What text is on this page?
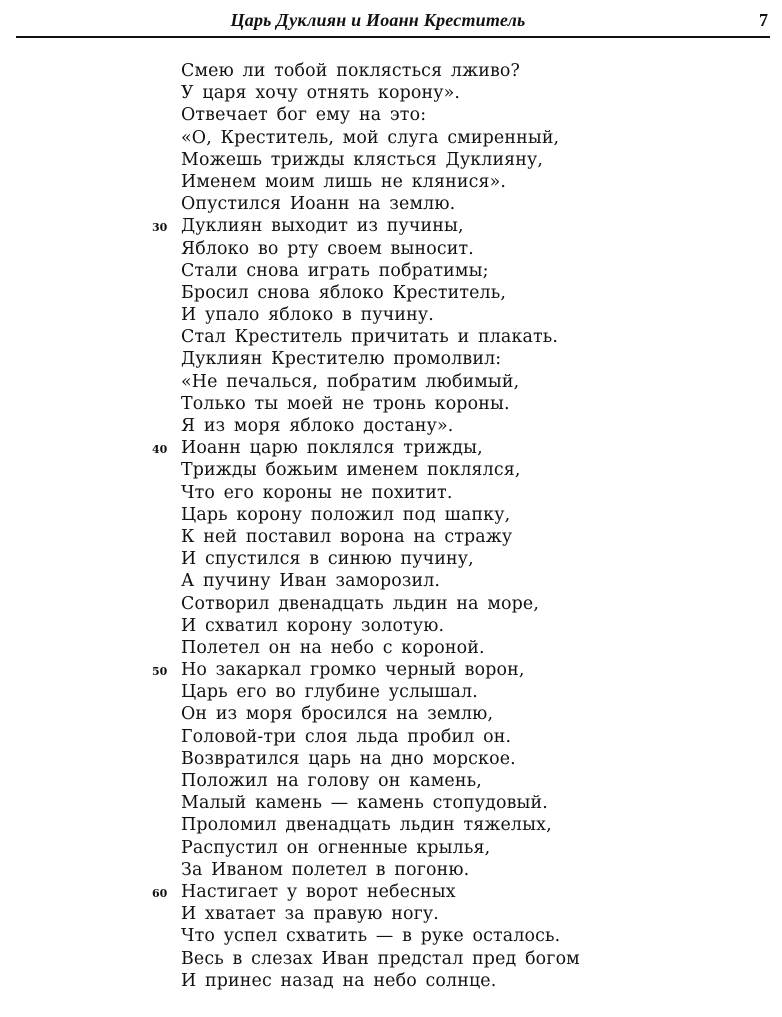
Царь Дуклиян и Иоанн Креститель	7
Смею ли тобой поклясться лживо?
У царя хочу отнять корону».
Отвечает бог ему на это:
«О, Креститель, мой слуга смиренный,
Можешь трижды клясться Дуклияну,
Именем моим лишь не клянися».
Опустился Иоанн на землю.
30 Дуклиян выходит из пучины,
Яблоко во рту своем выносит.
Стали снова играть побратимы;
Бросил снова яблоко Креститель,
И упало яблоко в пучину.
Стал Креститель причитать и плакать.
Дуклиян Крестителю промолвил:
«Не печалься, побратим любимый,
Только ты моей не тронь короны.
Я из моря яблоко достану».
40 Иоанн царю поклялся трижды,
Трижды божьим именем поклялся,
Что его короны не похитит.
Царь корону положил под шапку,
К ней поставил ворона на стражу
И спустился в синюю пучину,
А пучину Иван заморозил.
Сотворил двенадцать льдин на море,
И схватил корону золотую.
Полетел он на небо с короной.
50 Но закаркал громко черный ворон,
Царь его во глубине услышал.
Он из моря бросился на землю,
Головой-три слоя льда пробил он.
Возвратился царь на дно морское.
Положил на голову он камень,
Малый камень — камень стопудовый.
Проломил двенадцать льдин тяжелых,
Распустил он огненные крылья,
За Иваном полетел в погоню.
60 Настигает у ворот небесных
И хватает за правую ногу.
Что успел схватить — в руке осталось.
Весь в слезах Иван предстал пред богом
И принес назад на небо солнце.
